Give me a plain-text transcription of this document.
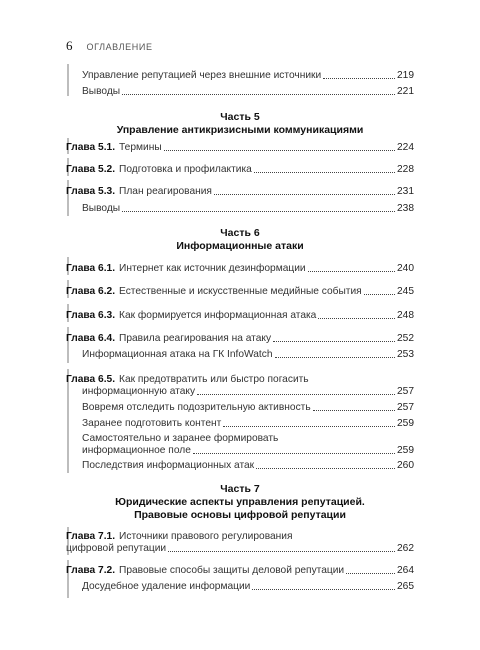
6 ОГЛАВЛЕНИЕ
Управление репутацией через внешние источники	219
Выводы	221
Часть 5
Управление антикризисными коммуникациями
Глава 5.1. Термины	224
Глава 5.2. Подготовка и профилактика	228
Глава 5.3. План реагирования	231
Выводы	238
Часть 6
Информационные атаки
Глава 6.1. Интернет как источник дезинформации	240
Глава 6.2. Естественные и искусственные медийные события	245
Глава 6.3. Как формируется информационная атака	248
Глава 6.4. Правила реагирования на атаку	252
Информационная атака на ГК InfoWatch	253
Глава 6.5. Как предотвратить или быстро погасить
информационную атаку	257
Вовремя отследить подозрительную активность	257
Заранее подготовить контент	259
Самостоятельно и заранее формировать
информационное поле	259
Последствия информационных атак	260
Часть 7
Юридические аспекты управления репутацией.
Правовые основы цифровой репутации
Глава 7.1. Источники правового регулирования
цифровой репутации	262
Глава 7.2. Правовые способы защиты деловой репутации	264
Досудебное удаление информации	265
